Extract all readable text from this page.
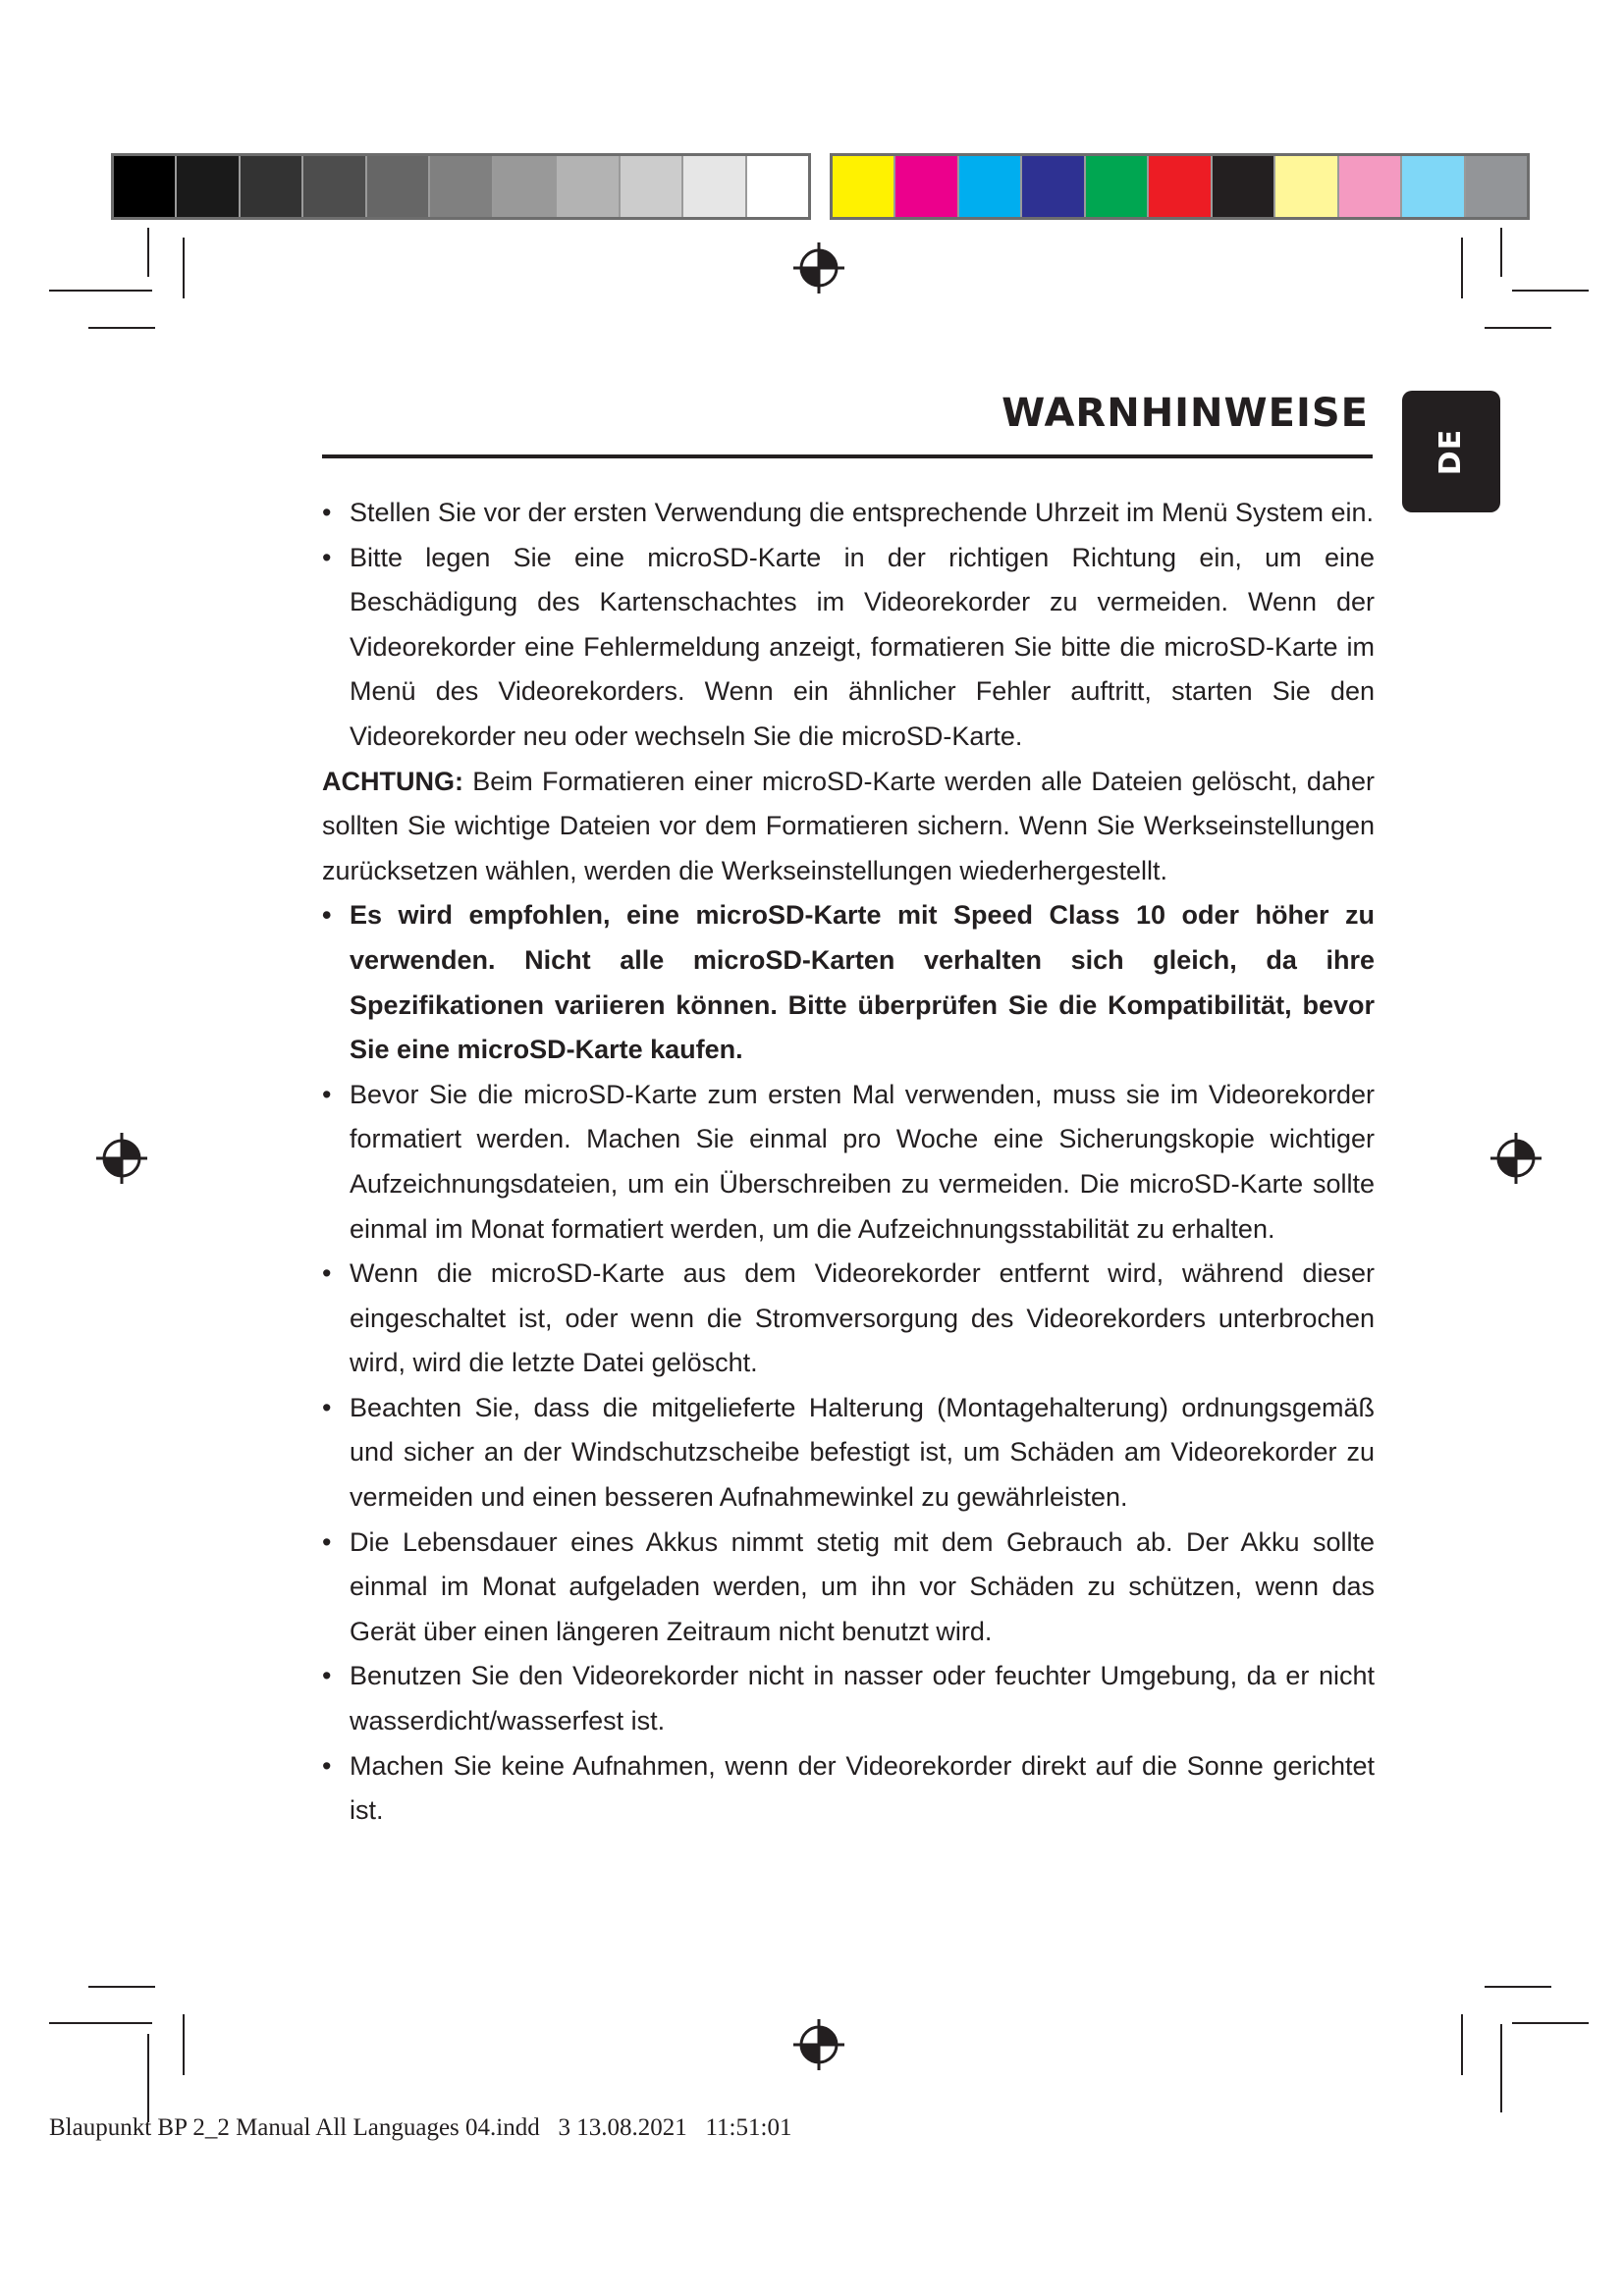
WARNHINWEISE
DE

• Stellen Sie vor der ersten Verwendung die entsprechende Uhrzeit im Menü System ein.

• Bitte legen Sie eine microSD-Karte in der richtigen Richtung ein, um eine Beschädigung des Kartenschachtes im Videorekorder zu vermeiden. Wenn der Videorekorder eine Fehlermeldung anzeigt, formatieren Sie bitte die microSD-Karte im Menü des Videorekorders. Wenn ein ähnlicher Fehler auftritt, starten Sie den Videorekorder neu oder wechseln Sie die microSD-Karte.

ACHTUNG: Beim Formatieren einer microSD-Karte werden alle Dateien gelöscht, daher sollten Sie wichtige Dateien vor dem Formatieren sichern. Wenn Sie Werkseinstellungen zurücksetzen wählen, werden die Werkseinstellungen wiederhergestellt.

• Es wird empfohlen, eine microSD-Karte mit Speed Class 10 oder höher zu verwenden. Nicht alle microSD-Karten verhalten sich gleich, da ihre Spezifikationen variieren können. Bitte überprüfen Sie die Kompatibilität, bevor Sie eine microSD-Karte kaufen.

• Bevor Sie die microSD-Karte zum ersten Mal verwenden, muss sie im Videorekorder formatiert werden. Machen Sie einmal pro Woche eine Sicherungskopie wichtiger Aufzeichnungsdateien, um ein Überschreiben zu vermeiden. Die microSD-Karte sollte einmal im Monat formatiert werden, um die Aufzeichnungsstabilität zu erhalten.

• Wenn die microSD-Karte aus dem Videorekorder entfernt wird, während dieser eingeschaltet ist, oder wenn die Stromversorgung des Videorekorders unterbrochen wird, wird die letzte Datei gelöscht.

• Beachten Sie, dass die mitgelieferte Halterung (Montagehalterung) ordnungsgemäß und sicher an der Windschutzscheibe befestigt ist, um Schäden am Videorekorder zu vermeiden und einen besseren Aufnahmewinkel zu gewährleisten.

• Die Lebensdauer eines Akkus nimmt stetig mit dem Gebrauch ab. Der Akku sollte einmal im Monat aufgeladen werden, um ihn vor Schäden zu schützen, wenn das Gerät über einen längeren Zeitraum nicht benutzt wird.

• Benutzen Sie den Videorekorder nicht in nasser oder feuchter Umgebung, da er nicht wasserdicht/wasserfest ist.

• Machen Sie keine Aufnahmen, wenn der Videorekorder direkt auf die Sonne gerichtet ist.

Blaupunkt BP 2_2 Manual All Languages 04.indd   3 13.08.2021   11:51:01
